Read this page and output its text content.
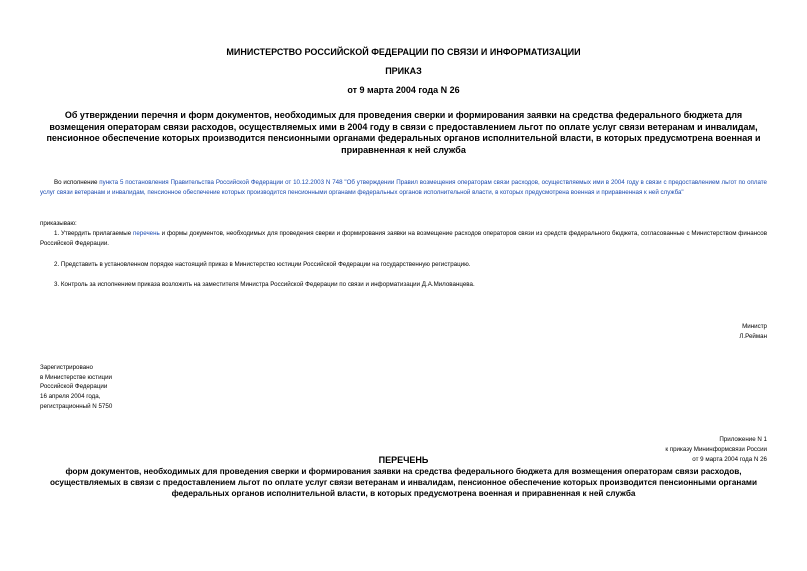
МИНИСТЕРСТВО РОССИЙСКОЙ ФЕДЕРАЦИИ ПО СВЯЗИ И ИНФОРМАТИЗАЦИИ
ПРИКАЗ
от 9 марта 2004 года N 26
Об утверждении перечня и форм документов, необходимых для проведения сверки и формирования заявки на средства федерального бюджета для возмещения операторам связи расходов, осуществляемых ими в 2004 году в связи с предоставлением льгот по оплате услуг связи ветеранам и инвалидам, пенсионное обеспечение которых производится пенсионными органами федеральных органов исполнительной власти, в которых предусмотрена военная и приравненная к ней служба
Во исполнение пункта 5 постановления Правительства Российской Федерации от 10.12.2003 N 748 "Об утверждении Правил возмещения операторам связи расходов, осуществляемых ими в 2004 году в связи с предоставлением льгот по оплате услуг связи ветеранам и инвалидам, пенсионное обеспечение которых производится пенсионными органами федеральных органов исполнительной власти, в которых предусмотрена военная и приравненная к ней служба"
приказываю:
1. Утвердить прилагаемые перечень и формы документов, необходимых для проведения сверки и формирования заявки на возмещение расходов операторов связи из средств федерального бюджета, согласованные с Министерством финансов Российской Федерации.
2. Представить в установленном порядке настоящий приказ в Министерство юстиции Российской Федерации на государственную регистрацию.
3. Контроль за исполнением приказа возложить на заместителя Министра Российской Федерации по связи и информатизации Д.А.Милованцева.
Министр
Л.Рейман
Зарегистрировано
в Министерстве юстиции
Российской Федерации
16 апреля 2004 года,
регистрационный N 5750
Приложение N 1
к приказу Мининформсвязи России
от 9 марта 2004 года N 26
ПЕРЕЧЕНЬ
форм документов, необходимых для проведения сверки и формирования заявки на средства федерального бюджета для возмещения операторам связи расходов, осуществляемых в связи с предоставлением льгот по оплате услуг связи ветеранам и инвалидам, пенсионное обеспечение которых производится пенсионными органами федеральных органов исполнительной власти, в которых предусмотрена военная и приравненная к ней служба
